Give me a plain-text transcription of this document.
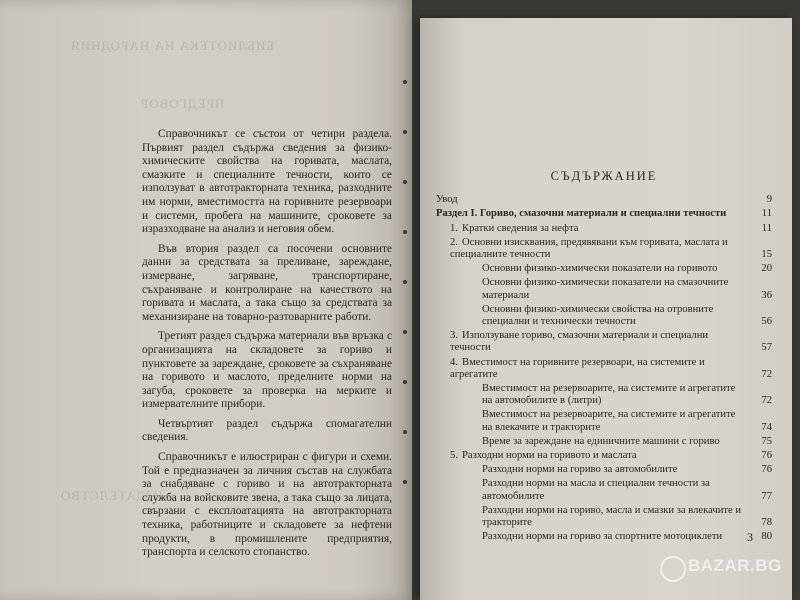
БИБЛИОТЕКА НА НАРОДНИЯ
ПРЕДГОВОР
ИЗДАТЕЛСТВО

Справочникът се състои от четири раздела. Първият раздел съдържа сведения за физико-химическите свойства на горивата, маслата, смазките и специалните течности, които се използуват в автотракторната техника, разходните им норми, вместимостта на горивните резервоари и системи, пробега на машините, сроковете за изразходване на анализ и неговия обем.

Във втория раздел са посочени основните данни за средствата за преливане, зареждане, измерване, загряване, транспортиране, съхраняване и контролиране на качеството на горивата и маслата, а така също за средствата за механизиране на товарно-разтоварните работи.

Третият раздел съдържа материали във връзка с организацията на складовете за гориво и пунктовете за зареждане, сроковете за съхраняване на горивото и маслото, пределните норми на загуба, сроковете за проверка на мерките и измервателните прибори.

Четвъртият раздел съдържа спомагателни сведения.

Справочникът е илюстриран с фигури и схеми. Той е предназначен за личния състав на службата за снабдяване с гориво и на автотракторната служба на войсковите звена, а така също за лицата, свързани с експлоатацията на автотракторната техника, работниците и складовете за нефтени продукти, в промишлените предприятия, транспорта и селското стопанство.

СЪДЪРЖАНИЕ
Увод	9
Раздел I. Гориво, смазочни материали и специални течности	11
1. Кратки сведения за нефта	11
2. Основни изисквания, предявявани към горивата, маслата и специалните течности	15
Основни физико-химически показатели на горивото	20
Основни физико-химически показатели на смазочните материали	36
Основни физико-химически свойства на отровните специални и технически течности	56
3. Използуване гориво, смазочни материали и специални течности	57
4. Вместимост на горивните резервоари, на системите и агрегатите	72
Вместимост на резервоарите, на системите и агрегатите на автомобилите в (литри)	72
Вместимост на резервоарите, на системите и агрегатите на влекачите и тракторите	74
Време за зареждане на единичните машини с гориво	75
5. Разходни норми на горивото и маслата	76
Разходни норми на гориво за автомобилите	76
Разходни норми на масла и специални течности за автомобилите	77
Разходни норми на гориво, масла и смазки за влекачите и тракторите	78
Разходни норми на гориво за спортните мотоциклети	80
3
BAZAR.BG
